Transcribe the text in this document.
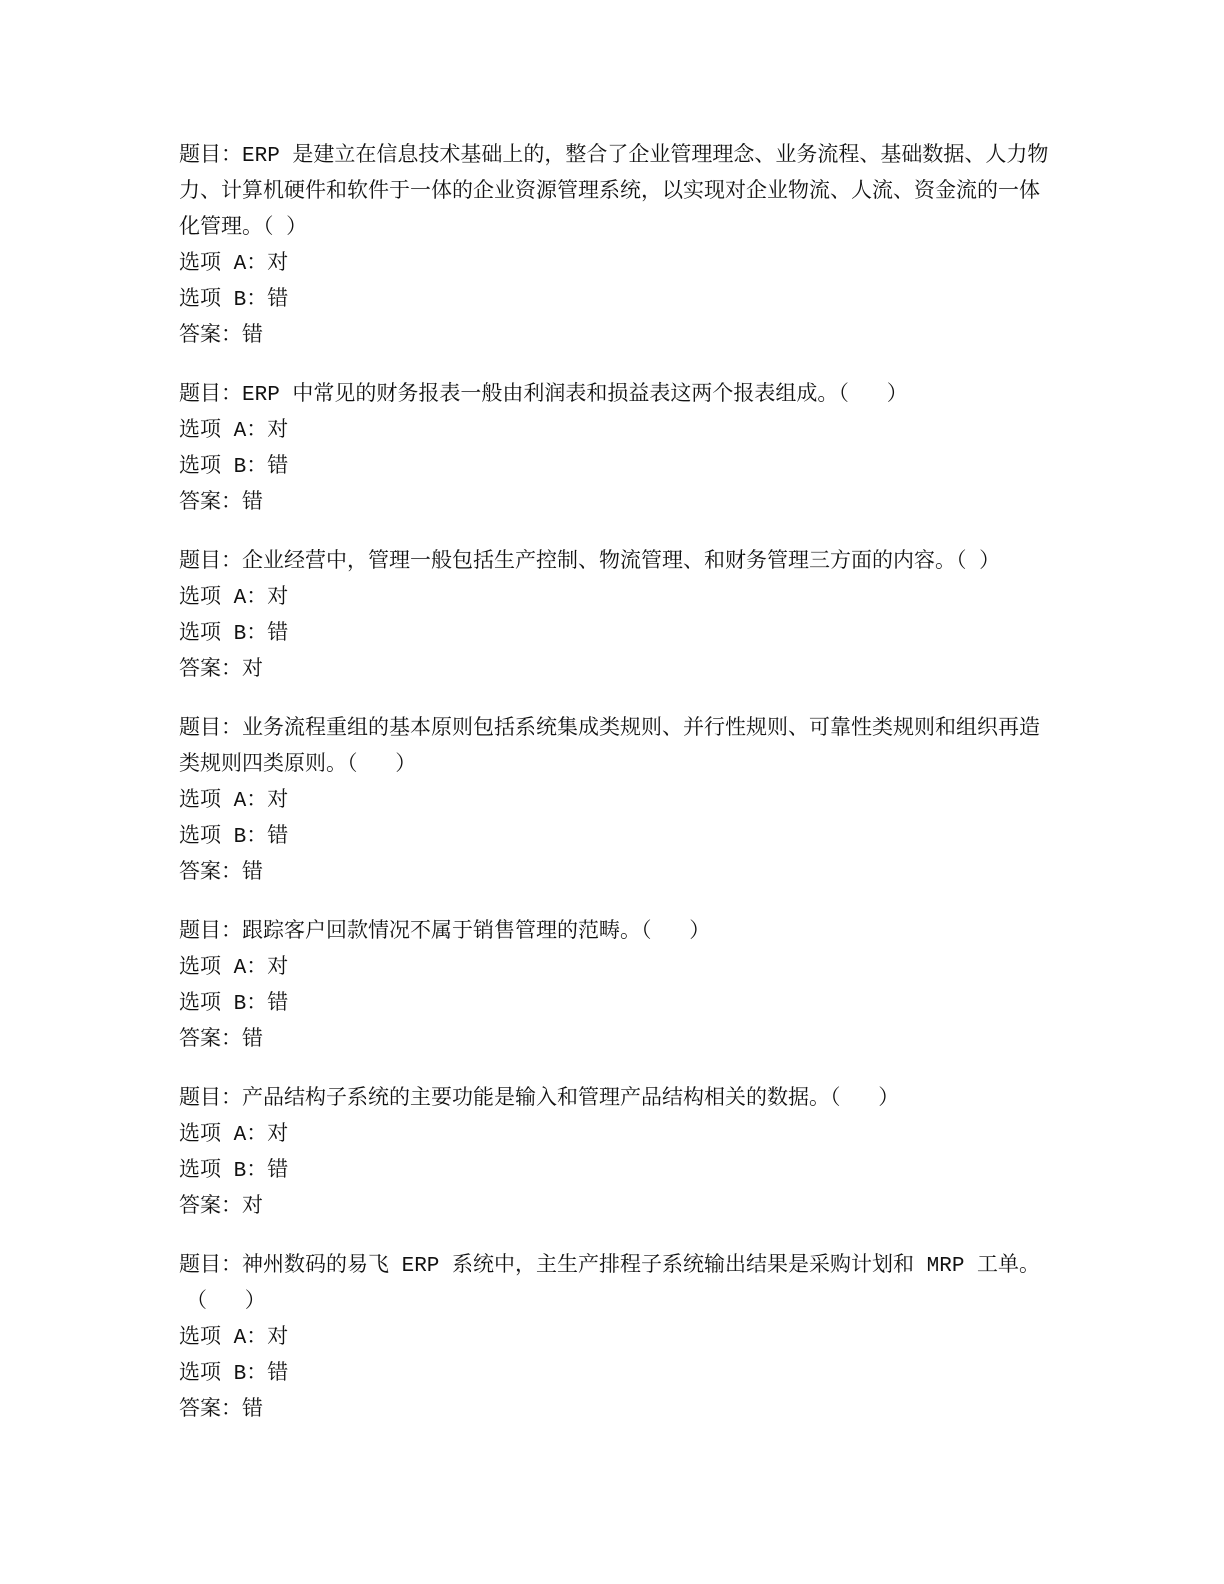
题目：ERP 是建立在信息技术基础上的，整合了企业管理理念、业务流程、基础数据、人力物
力、计算机硬件和软件于一体的企业资源管理系统，以实现对企业物流、人流、资金流的一体
化管理。（ ）
选项 A：对
选项 B：错
答案：错
题目：ERP 中常见的财务报表一般由利润表和损益表这两个报表组成。（   ）
选项 A：对
选项 B：错
答案：错
题目：企业经营中，管理一般包括生产控制、物流管理、和财务管理三方面的内容。（ ）
选项 A：对
选项 B：错
答案：对
题目：业务流程重组的基本原则包括系统集成类规则、并行性规则、可靠性类规则和组织再造
类规则四类原则。（   ）
选项 A：对
选项 B：错
答案：错
题目：跟踪客户回款情况不属于销售管理的范畴。（   ）
选项 A：对
选项 B：错
答案：错
题目：产品结构子系统的主要功能是输入和管理产品结构相关的数据。（   ）
选项 A：对
选项 B：错
答案：对
题目：神州数码的易飞 ERP 系统中，主生产排程子系统输出结果是采购计划和 MRP 工单。
（   ）
选项 A：对
选项 B：错
答案：错
